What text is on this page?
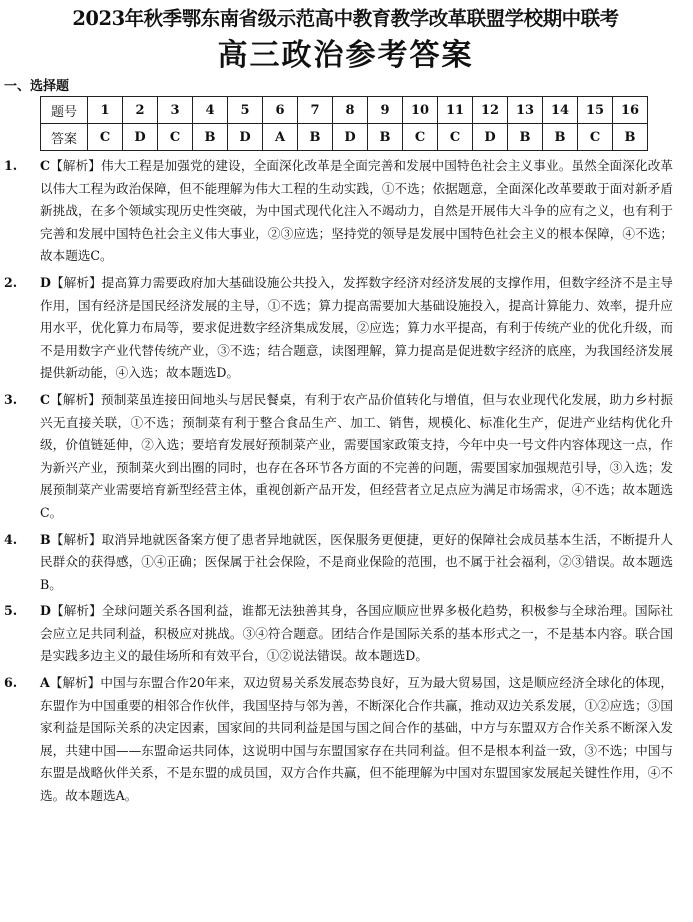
2023年秋季鄂东南省级示范高中教育教学改革联盟学校期中联考
高三政治参考答案
一、选择题
题号	1	2	3	4	5	6	7	8	9	10	11	12	13	14	15	16
答案	C	D	C	B	D	A	B	D	B	C	C	D	B	B	C	B
1. C【解析】伟大工程是加强党的建设，全面深化改革是全面完善和发展中国特色社会主义事业。虽然全面深化改革以伟大工程为政治保障，但不能理解为伟大工程的生动实践，①不选；依据题意，全面深化改革要敢于面对新矛盾新挑战，在多个领域实现历史性突破，为中国式现代化注入不竭动力，自然是开展伟大斗争的应有之义，也有利于完善和发展中国特色社会主义伟大事业，②③应选；坚持党的领导是发展中国特色社会主义的根本保障，④不选；故本题选C。
2. D【解析】提高算力需要政府加大基础设施公共投入，发挥数字经济对经济发展的支撑作用，但数字经济不是主导作用，国有经济是国民经济发展的主导，①不选；算力提高需要加大基础设施投入，提高计算能力、效率，提升应用水平，优化算力布局等，要求促进数字经济集成发展，②应选；算力水平提高，有利于传统产业的优化升级，而不是用数字产业代替传统产业，③不选；结合题意，读图理解，算力提高是促进数字经济的底座，为我国经济发展提供新动能，④入选；故本题选D。
3. C【解析】预制菜虽连接田间地头与居民餐桌，有利于农产品价值转化与增值，但与农业现代化发展，助力乡村振兴无直接关联，①不选；预制菜有利于整合食品生产、加工、销售，规模化、标准化生产，促进产业结构优化升级，价值链延伸，②入选；要培育发展好预制菜产业，需要国家政策支持，今年中央一号文件内容体现这一点，作为新兴产业，预制菜火到出圈的同时，也存在各环节各方面的不完善的问题，需要国家加强规范引导，③入选；发展预制菜产业需要培育新型经营主体，重视创新产品开发，但经营者立足点应为满足市场需求，④不选；故本题选C。
4. B【解析】取消异地就医备案方便了患者异地就医，医保服务更便捷，更好的保障社会成员基本生活，不断提升人民群众的获得感，①④正确；医保属于社会保险，不是商业保险的范围，也不属于社会福利，②③错误。故本题选B。
5. D【解析】全球问题关系各国利益，谁都无法独善其身，各国应顺应世界多极化趋势，积极参与全球治理。国际社会应立足共同利益，积极应对挑战。③④符合题意。团结合作是国际关系的基本形式之一，不是基本内容。联合国是实践多边主义的最佳场所和有效平台，①②说法错误。故本题选D。
6. A【解析】中国与东盟合作20年来，双边贸易关系发展态势良好，互为最大贸易国，这是顺应经济全球化的体现，东盟作为中国重要的相邻合作伙伴，我国坚持与邻为善，不断深化合作共赢，推动双边关系发展，①②应选；③国家利益是国际关系的决定因素，国家间的共同利益是国与国之间合作的基础，中方与东盟双方合作关系不断深入发展，共建中国——东盟命运共同体，这说明中国与东盟国家存在共同利益。但不是根本利益一致，③不选；中国与东盟是战略伙伴关系，不是东盟的成员国，双方合作共赢，但不能理解为中国对东盟国家发展起关键性作用，④不选。故本题选A。
